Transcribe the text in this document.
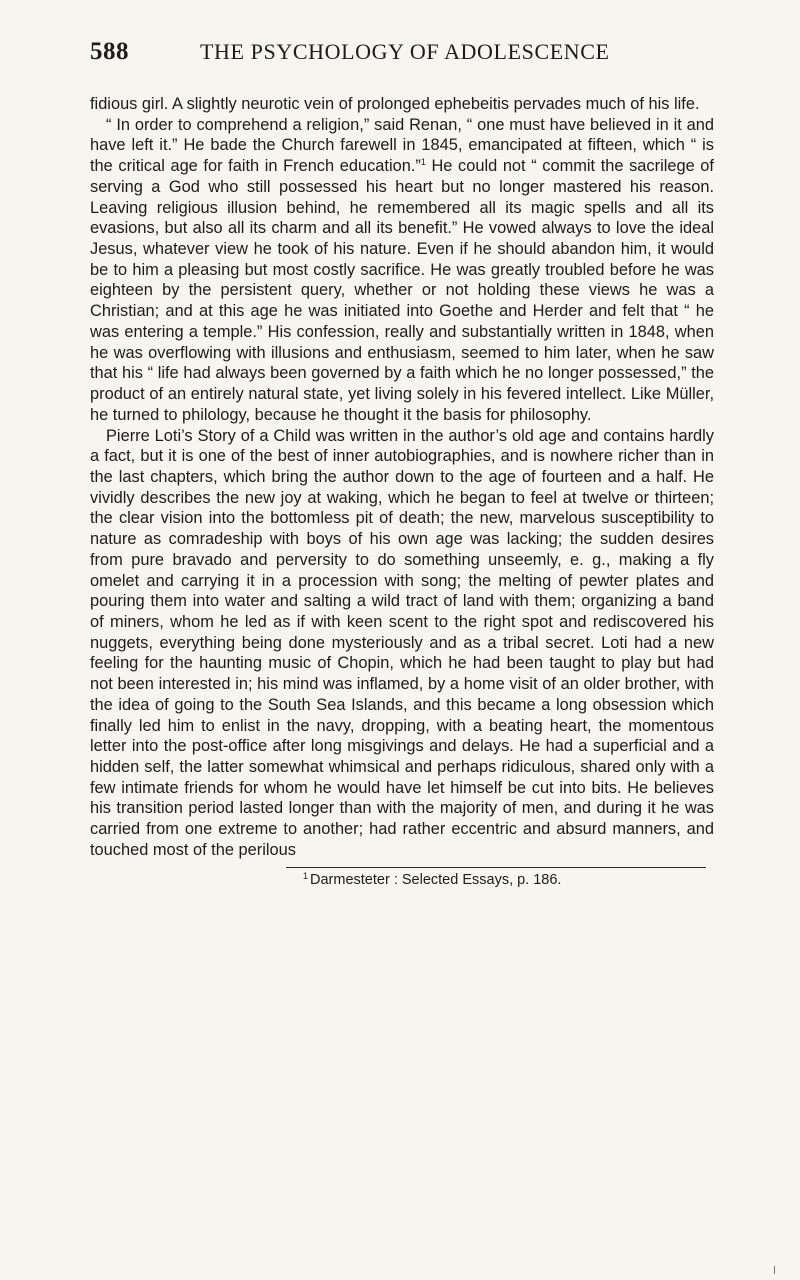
588	THE PSYCHOLOGY OF ADOLESCENCE

fidious girl. A slightly neurotic vein of prolonged ephebeitis pervades much of his life.

“ In order to comprehend a religion,” said Renan, “ one must have believed in it and have left it.” He bade the Church farewell in 1845, emancipated at fifteen, which “ is the critical age for faith in French education.”$^1$ He could not “ commit the sacrilege of serving a God who still possessed his heart but no longer mastered his reason. Leaving religious illusion behind, he remembered all its magic spells and all its evasions, but also all its charm and all its benefit.” He vowed always to love the ideal Jesus, whatever view he took of his nature. Even if he should abandon him, it would be to him a pleasing but most costly sacrifice. He was greatly troubled before he was eighteen by the persistent query, whether or not holding these views he was a Christian; and at this age he was initiated into Goethe and Herder and felt that “ he was entering a temple.” His confession, really and substantially written in 1848, when he was overflowing with illusions and enthusiasm, seemed to him later, when he saw that his “ life had always been governed by a faith which he no longer possessed,” the product of an entirely natural state, yet living solely in his fevered intellect. Like Müller, he turned to philology, because he thought it the basis for philosophy.

Pierre Loti’s Story of a Child was written in the author’s old age and contains hardly a fact, but it is one of the best of inner autobiographies, and is nowhere richer than in the last chapters, which bring the author down to the age of fourteen and a half. He vividly describes the new joy at waking, which he began to feel at twelve or thirteen; the clear vision into the bottomless pit of death; the new, marvelous susceptibility to nature as comradeship with boys of his own age was lacking; the sudden desires from pure bravado and perversity to do something unseemly, e. g., making a fly omelet and carrying it in a procession with song; the melting of pewter plates and pouring them into water and salting a wild tract of land with them; organizing a band of miners, whom he led as if with keen scent to the right spot and rediscovered his nuggets, everything being done mysteriously and as a tribal secret. Loti had a new feeling for the haunting music of Chopin, which he had been taught to play but had not been interested in; his mind was inflamed, by a home visit of an older brother, with the idea of going to the South Sea Islands, and this became a long obsession which finally led him to enlist in the navy, dropping, with a beating heart, the momentous letter into the post-office after long misgivings and delays. He had a superficial and a hidden self, the latter somewhat whimsical and perhaps ridiculous, shared only with a few intimate friends for whom he would have let himself be cut into bits. He believes his transition period lasted longer than with the majority of men, and during it he was carried from one extreme to another; had rather eccentric and absurd manners, and touched most of the perilous

$^1$ Darmesteter : Selected Essays, p. 186.
